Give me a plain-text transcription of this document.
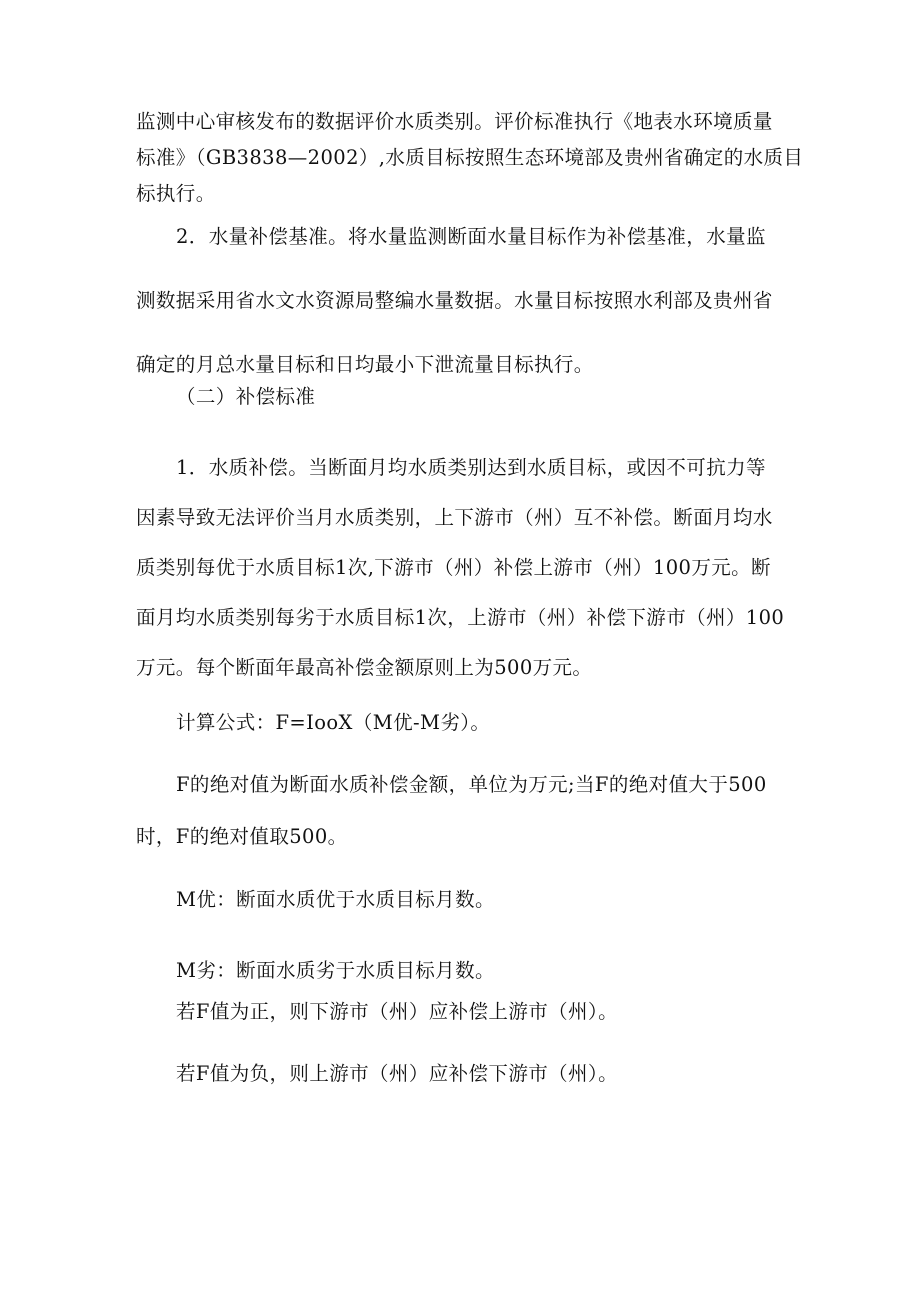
监测中心审核发布的数据评价水质类别。评价标准执行《地表水环境质量
标准》（GB3838—2002）,水质目标按照生态环境部及贵州省确定的水质目
标执行。

2．水量补偿基准。将水量监测断面水量目标作为补偿基准，水量监
测数据采用省水文水资源局整编水量数据。水量目标按照水利部及贵州省
确定的月总水量目标和日均最小下泄流量目标执行。

（二）补偿标准

1．水质补偿。当断面月均水质类别达到水质目标，或因不可抗力等
因素导致无法评价当月水质类别，上下游市（州）互不补偿。断面月均水
质类别每优于水质目标1次,下游市（州）补偿上游市（州）100万元。断
面月均水质类别每劣于水质目标1次，上游市（州）补偿下游市（州）100
万元。每个断面年最高补偿金额原则上为500万元。

计算公式：F=IooX（M优-M劣）。

F的绝对值为断面水质补偿金额，单位为万元;当F的绝对值大于500
时，F的绝对值取500。

M优：断面水质优于水质目标月数。

M劣：断面水质劣于水质目标月数。

若F值为正，则下游市（州）应补偿上游市（州）。

若F值为负，则上游市（州）应补偿下游市（州）。
